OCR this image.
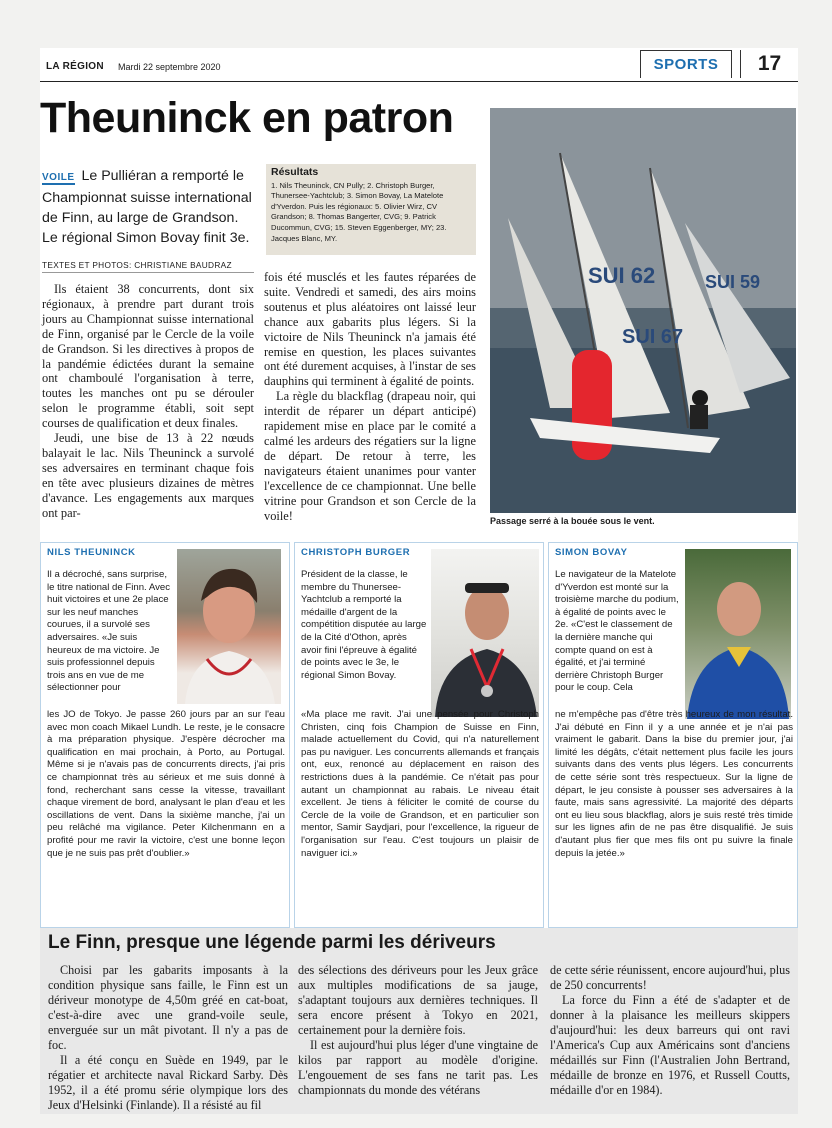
LA RÉGION Mardi 22 septembre 2020	SPORTS	17
Theuninck en patron
VOILE Le Pulliéran a remporté le Championnat suisse international de Finn, au large de Grandson. Le régional Simon Bovay finit 3e.
TEXTES ET PHOTOS: CHRISTIANE BAUDRAZ
Résultats
1. Nils Theuninck, CN Pully; 2. Christoph Burger, Thunersee-Yachtclub; 3. Simon Bovay, La Matelote d'Yverdon. Puis les régionaux: 5. Olivier Wirz, CV Grandson; 8. Thomas Bangerter, CVG; 9. Patrick Ducommun, CVG; 15. Steven Eggenberger, MY; 23. Jacques Blanc, MY.

Ils étaient 38 concurrents, dont six régionaux, à prendre part durant trois jours au Championnat suisse international de Finn, organisé par le Cercle de la voile de Grandson. Si les directives à propos de la pandémie édictées durant la semaine ont chamboulé l'organisation à terre, toutes les manches ont pu se dérouler selon le programme établi, soit sept courses de qualification et deux finales.

Jeudi, une bise de 13 à 22 nœuds balayait le lac. Nils Theuninck a survolé ses adversaires en terminant chaque fois en tête avec plusieurs dizaines de mètres d'avance. Les engagements aux marques ont par-

fois été musclés et les fautes réparées de suite. Vendredi et samedi, des airs moins soutenus et plus aléatoires ont laissé leur chance aux gabarits plus légers. Si la victoire de Nils Theuninck n'a jamais été remise en question, les places suivantes ont été durement acquises, à l'instar de ses dauphins qui terminent à égalité de points.

La règle du blackflag (drapeau noir, qui interdit de réparer un départ anticipé) rapidement mise en place par le comité a calmé les ardeurs des régatiers sur la ligne de départ. De retour à terre, les navigateurs étaient unanimes pour vanter l'excellence de ce championnat. Une belle vitrine pour Grandson et son Cercle de la voile!

SUI 62
SUI 67
SUI 59
Passage serré à la bouée sous le vent.
NILS THEUNINCK
Il a décroché, sans surprise, le titre national de Finn. Avec huit victoires et une 2e place sur les neuf manches courues, il a survolé ses adversaires. «Je suis heureux de ma victoire. Je suis professionnel depuis trois ans en vue de me sélectionner pour
les JO de Tokyo. Je passe 260 jours par an sur l'eau avec mon coach Mikael Lundh. Le reste, je le consacre à ma préparation physique. J'espère décrocher ma qualification en mai prochain, à Porto, au Portugal. Même si je n'avais pas de concurrents directs, j'ai pris ce championnat très au sérieux et me suis donné à fond, recherchant sans cesse la vitesse, travaillant chaque virement de bord, analysant le plan d'eau et les oscillations de vent. Dans la sixième manche, j'ai un peu relâché ma vigilance. Peter Kilchenmann en a profité pour me ravir la victoire, c'est une bonne leçon que je ne suis pas prêt d'oublier.»
CHRISTOPH BURGER
Président de la classe, le membre du Thunersee-Yachtclub a remporté la médaille d'argent de la compétition disputée au large de la Cité d'Othon, après avoir fini l'épreuve à égalité de points avec le 3e, le régional Simon Bovay.
«Ma place me ravit. J'ai une pensée pour Christoph Christen, cinq fois Champion de Suisse en Finn, malade actuellement du Covid, qui n'a naturellement pas pu naviguer. Les concurrents allemands et français ont, eux, renoncé au déplacement en raison des restrictions dues à la pandémie. Ce n'était pas pour autant un championnat au rabais. Le niveau était excellent. Je tiens à féliciter le comité de course du Cercle de la voile de Grandson, et en particulier son mentor, Samir Saydjari, pour l'excellence, la rigueur de l'organisation sur l'eau. C'est toujours un plaisir de naviguer ici.»
SIMON BOVAY
Le navigateur de la Matelote d'Yverdon est monté sur la troisième marche du podium, à égalité de points avec le 2e. «C'est le classement de la dernière manche qui compte quand on est à égalité, et j'ai terminé derrière Christoph Burger pour le coup. Cela
ne m'empêche pas d'être très heureux de mon résultat. J'ai débuté en Finn il y a une année et je n'ai pas vraiment le gabarit. Dans la bise du premier jour, j'ai limité les dégâts, c'était nettement plus facile les jours suivants dans des vents plus légers. Les concurrents de cette série sont très respectueux. Sur la ligne de départ, le jeu consiste à pousser ses adversaires à la faute, mais sans agressivité. La majorité des départs ont eu lieu sous blackflag, alors je suis resté très timide sur les lignes afin de ne pas être disqualifié. Je suis d'autant plus fier que mes fils ont pu suivre la finale depuis la jetée.»
Le Finn, presque une légende parmi les dériveurs

Choisi par les gabarits imposants à la condition physique sans faille, le Finn est un dériveur monotype de 4,50m gréé en cat-boat, c'est-à-dire avec une grand-voile seule, enverguée sur un mât pivotant. Il n'y a pas de foc.

Il a été conçu en Suède en 1949, par le régatier et architecte naval Rickard Sarby. Dès 1952, il a été promu série olympique lors des Jeux d'Helsinki (Finlande). Il a résisté au fil

des sélections des dériveurs pour les Jeux grâce aux multiples modifications de sa jauge, s'adaptant toujours aux dernières techniques. Il sera encore présent à Tokyo en 2021, certainement pour la dernière fois.

Il est aujourd'hui plus léger d'une vingtaine de kilos par rapport au modèle d'origine. L'engouement de ses fans ne tarit pas. Les championnats du monde des vétérans

de cette série réunissent, encore aujourd'hui, plus de 250 concurrents!

La force du Finn a été de s'adapter et de donner à la plaisance les meilleurs skippers d'aujourd'hui: les deux barreurs qui ont ravi l'America's Cup aux Américains sont d'anciens médaillés sur Finn (l'Australien John Bertrand, médaille de bronze en 1976, et Russell Coutts, médaille d'or en 1984).
